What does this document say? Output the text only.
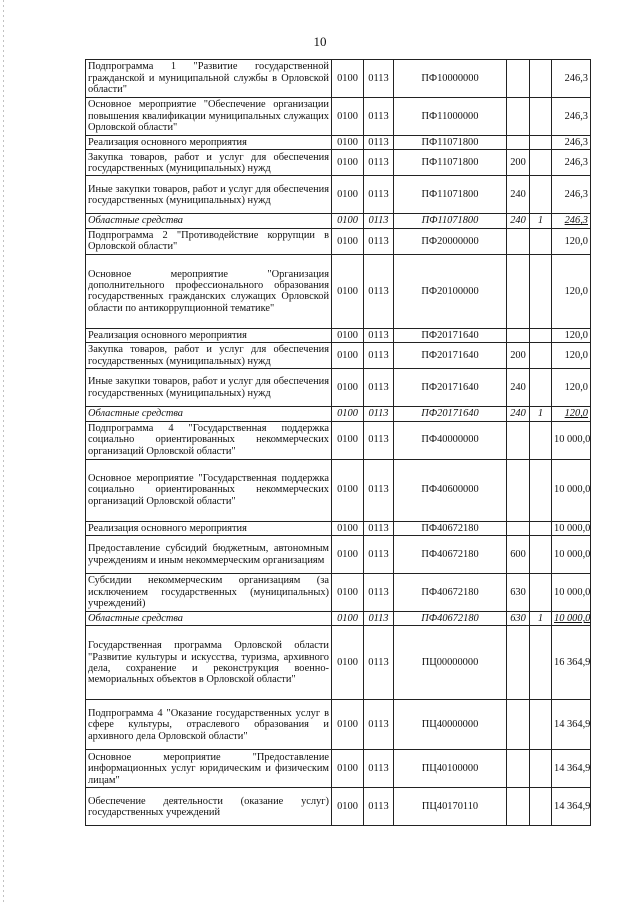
10
Подпрограмма 1 "Развитие государственной гражданской и муниципальной службы в Орловской области"	0100	0113	ПФ10000000			246,3
Основное мероприятие "Обеспечение организации повышения квалификации муниципальных служащих Орловской области"	0100	0113	ПФ11000000			246,3
Реализация основного мероприятия	0100	0113	ПФ11071800			246,3
Закупка товаров, работ и услуг для обеспечения государственных (муниципальных) нужд	0100	0113	ПФ11071800	200		246,3
Иные закупки товаров, работ и услуг для обеспечения государственных (муниципальных) нужд	0100	0113	ПФ11071800	240		246,3
Областные средства	0100	0113	ПФ11071800	240	1	246,3
Подпрограмма 2 "Противодействие коррупции в Орловской области"	0100	0113	ПФ20000000			120,0
Основное мероприятие "Организация дополнительного профессионального образования государственных гражданских служащих Орловской области по антикоррупционной тематике"	0100	0113	ПФ20100000			120,0
Реализация основного мероприятия	0100	0113	ПФ20171640			120,0
Закупка товаров, работ и услуг для обеспечения государственных (муниципальных) нужд	0100	0113	ПФ20171640	200		120,0
Иные закупки товаров, работ и услуг для обеспечения государственных (муниципальных) нужд	0100	0113	ПФ20171640	240		120,0
Областные средства	0100	0113	ПФ20171640	240	1	120,0
Подпрограмма 4 "Государственная поддержка социально ориентированных некоммерческих организаций Орловской области"	0100	0113	ПФ40000000			10 000,0
Основное мероприятие "Государственная поддержка социально ориентированных некоммерческих организаций Орловской области"	0100	0113	ПФ40600000			10 000,0
Реализация основного мероприятия	0100	0113	ПФ40672180			10 000,0
Предоставление субсидий бюджетным, автономным учреждениям и иным некоммерческим организациям	0100	0113	ПФ40672180	600		10 000,0
Субсидии некоммерческим организациям (за исключением государственных (муниципальных) учреждений)	0100	0113	ПФ40672180	630		10 000,0
Областные средства	0100	0113	ПФ40672180	630	1	10 000,0
Государственная программа Орловской области "Развитие культуры и искусства, туризма, архивного дела, сохранение и реконструкция военно-мемориальных объектов в Орловской области"	0100	0113	ПЦ00000000			16 364,9
Подпрограмма 4 "Оказание государственных услуг в сфере культуры, отраслевого образования и архивного дела Орловской области"	0100	0113	ПЦ40000000			14 364,9
Основное мероприятие "Предоставление информационных услуг юридическим и физическим лицам"	0100	0113	ПЦ40100000			14 364,9
Обеспечение деятельности (оказание услуг) государственных учреждений	0100	0113	ПЦ40170110			14 364,9
